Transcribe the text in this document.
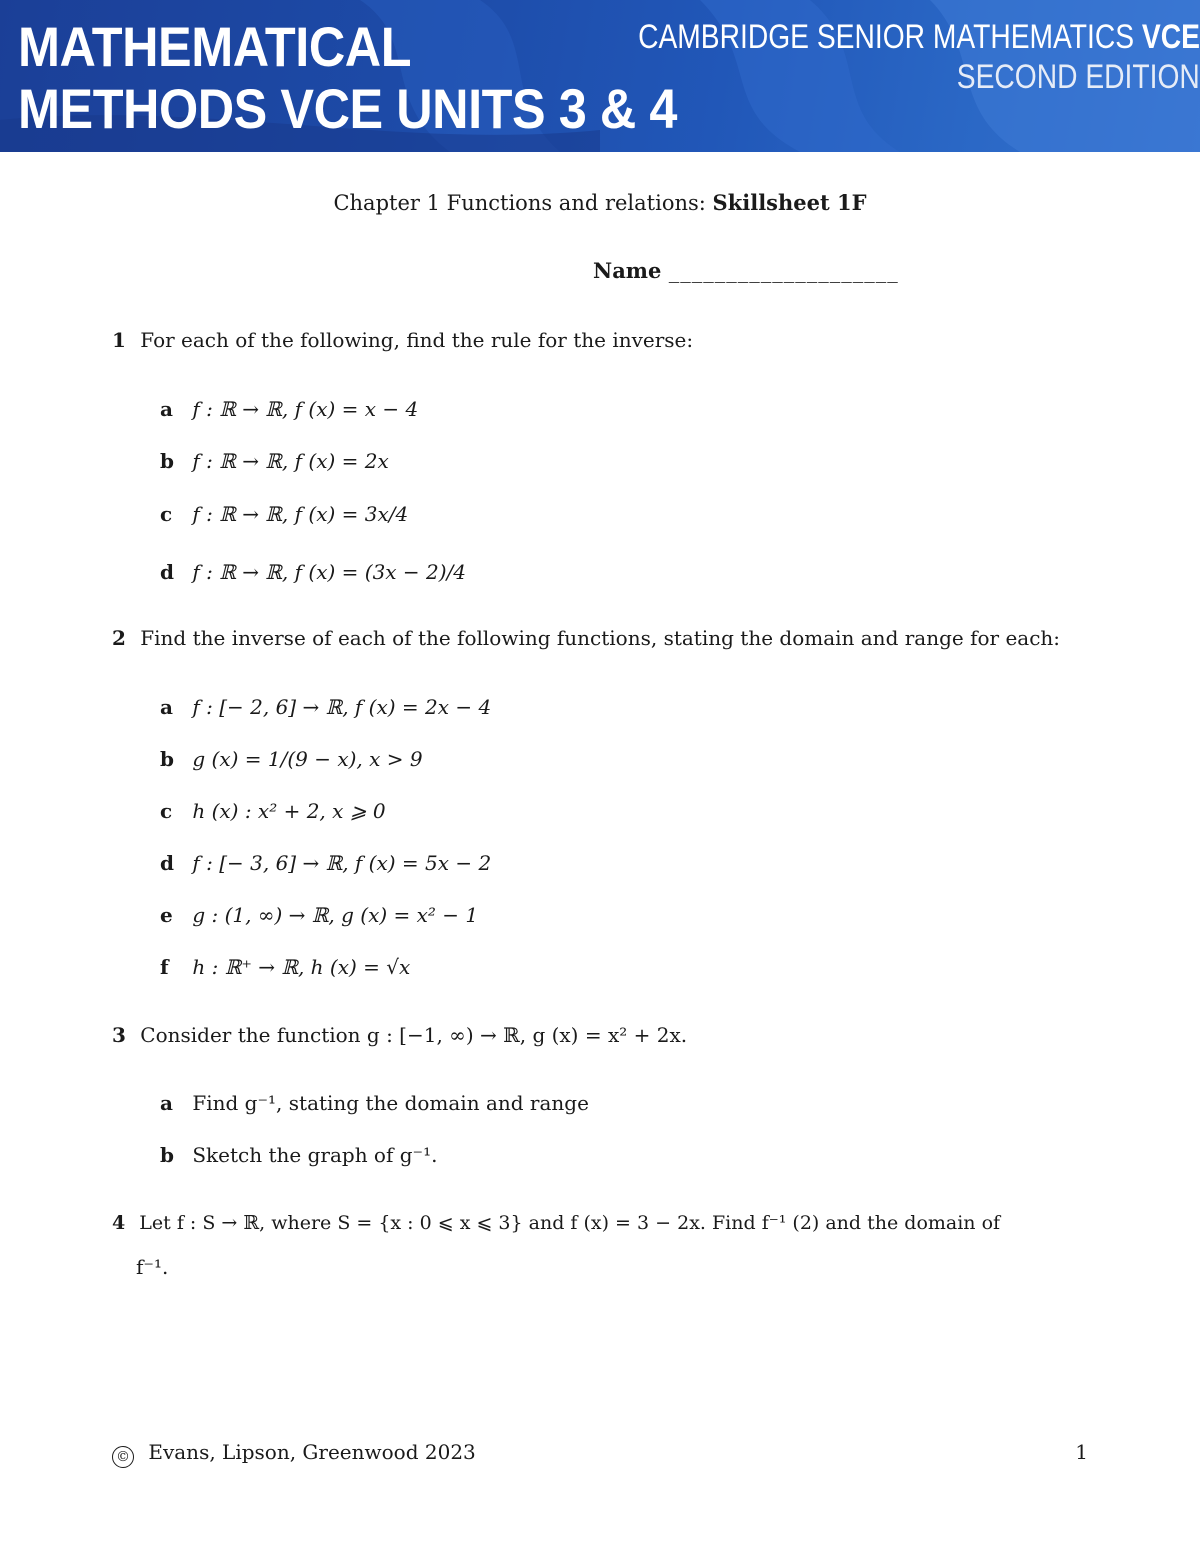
MATHEMATICAL
METHODS VCE UNITS 3 & 4
CAMBRIDGE SENIOR MATHEMATICS VCE
SECOND EDITION
Chapter 1 Functions and relations: Skillsheet 1F
Name ____________________
1 For each of the following, find the rule for the inverse:
a f : ℝ → ℝ, f (x) = x − 4
b f : ℝ → ℝ, f (x) = 2x
c f : ℝ → ℝ, f (x) = 3x/4
d f : ℝ → ℝ, f (x) = (3x − 2)/4
2 Find the inverse of each of the following functions, stating the domain and range for each:
a f : [− 2, 6] → ℝ, f (x) = 2x − 4
b g (x) = 1/(9 − x), x > 9
c h (x) : x² + 2, x ⩾ 0
d f : [− 3, 6] → ℝ, f (x) = 5x − 2
e g : (1, ∞) → ℝ, g (x) = x² − 1
f h : ℝ⁺ → ℝ, h (x) = √x
3 Consider the function g : [−1, ∞) → ℝ, g (x) = x² + 2x.
a Find g⁻¹, stating the domain and range
b Sketch the graph of g⁻¹.
4 Let f : S → ℝ, where S = {x : 0 ⩽ x ⩽ 3} and f (x) = 3 − 2x. Find f⁻¹ (2) and the domain of
f⁻¹.
© Evans, Lipson, Greenwood 2023	1
